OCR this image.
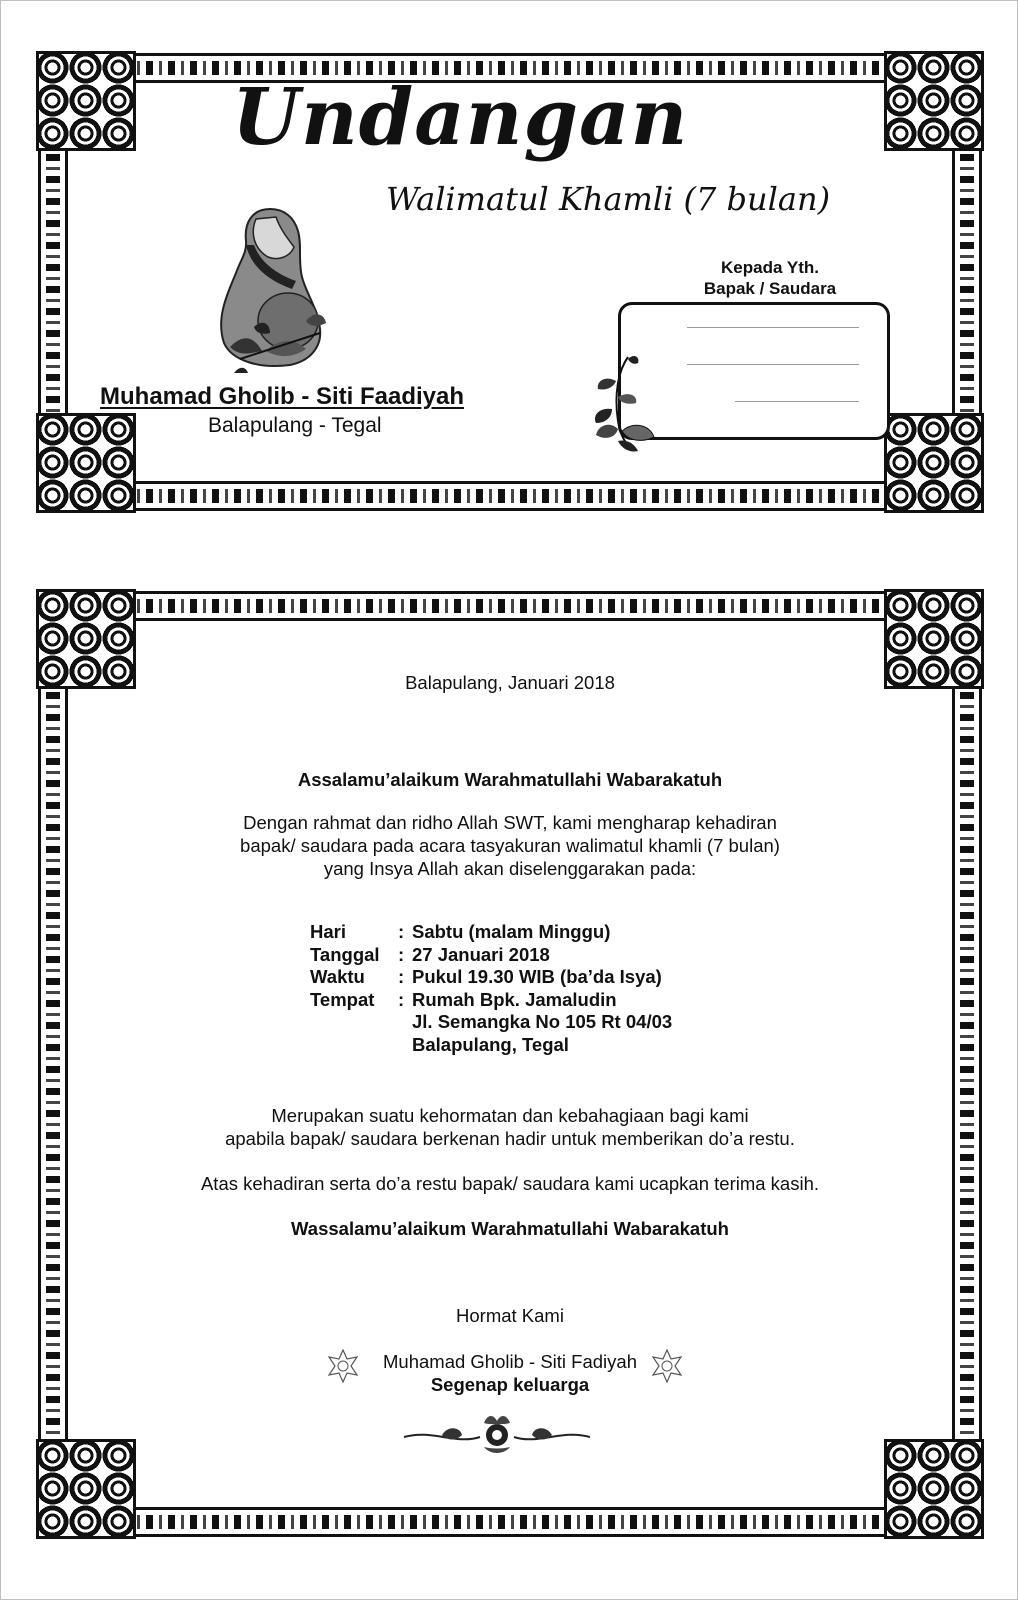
Undangan
Walimatul Khamli (7 bulan)
Muhamad Gholib - Siti Faadiyah
Balapulang - Tegal
Kepada Yth.
Bapak / Saudara
Balapulang, Januari 2018
Assalamu’alaikum Warahmatullahi Wabarakatuh
Dengan rahmat dan ridho Allah SWT, kami mengharap kehadiran
bapak/ saudara pada acara tasyakuran walimatul khamli (7 bulan)
yang Insya Allah akan diselenggarakan pada:
Hari	: Sabtu (malam Minggu)
Tanggal : 27 Januari 2018
Waktu	: Pukul 19.30 WIB (ba’da Isya)
Tempat	: Rumah Bpk. Jamaludin
Jl. Semangka No 105 Rt 04/03
Balapulang, Tegal
Merupakan suatu kehormatan dan kebahagiaan bagi kami
apabila bapak/ saudara berkenan hadir untuk memberikan do’a restu.
Atas kehadiran serta do’a restu bapak/ saudara kami ucapkan terima kasih.
Wassalamu’alaikum Warahmatullahi Wabarakatuh
Hormat Kami
Muhamad Gholib - Siti Fadiyah
Segenap keluarga
